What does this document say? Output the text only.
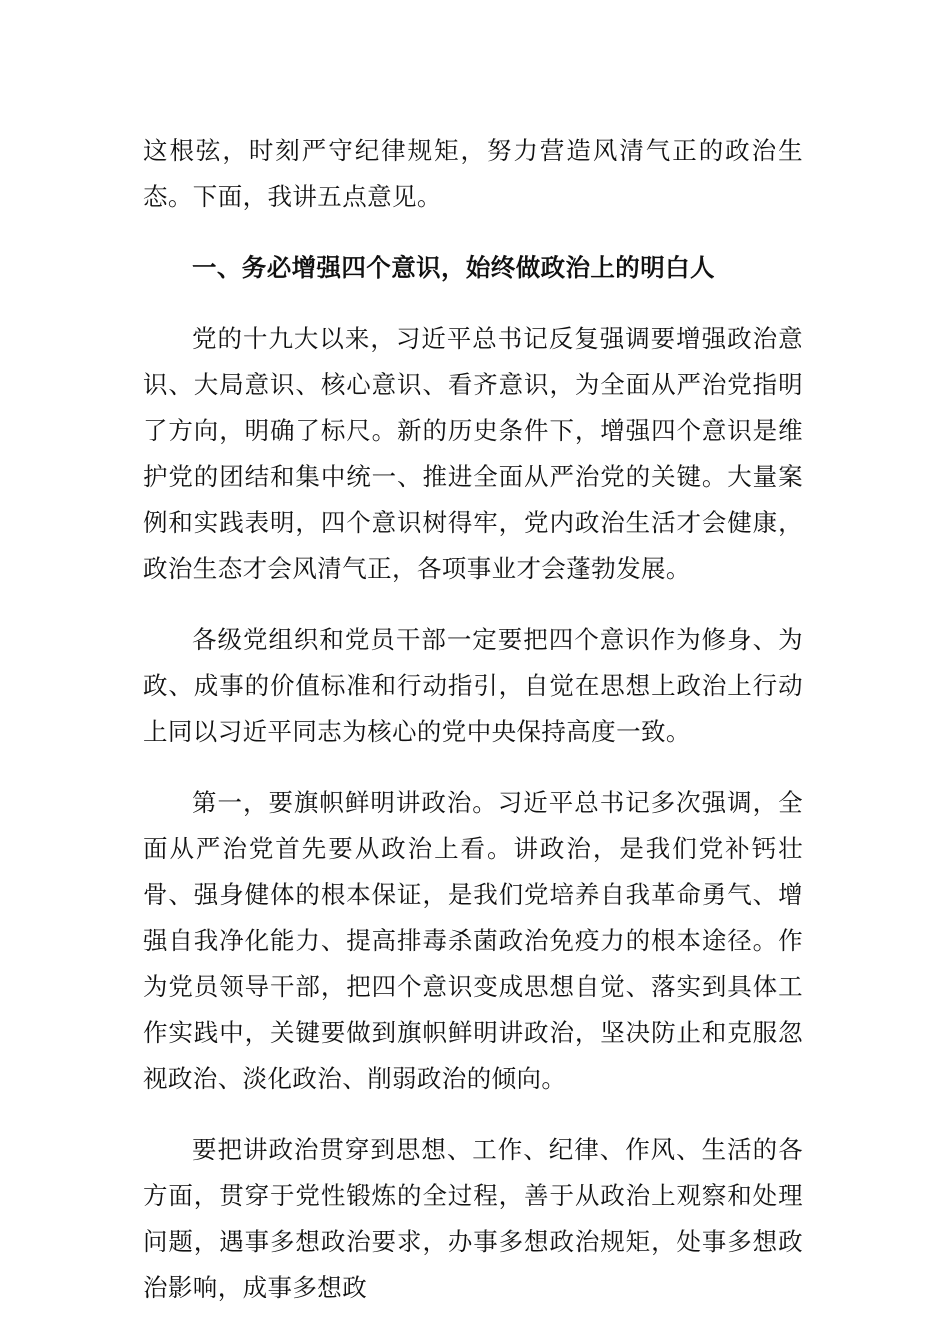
这根弦，时刻严守纪律规矩，努力营造风清气正的政治生态。下面，我讲五点意见。

一、务必增强四个意识，始终做政治上的明白人

党的十九大以来，习近平总书记反复强调要增强政治意识、大局意识、核心意识、看齐意识，为全面从严治党指明了方向，明确了标尺。新的历史条件下，增强四个意识是维护党的团结和集中统一、推进全面从严治党的关键。大量案例和实践表明，四个意识树得牢，党内政治生活才会健康，政治生态才会风清气正，各项事业才会蓬勃发展。

各级党组织和党员干部一定要把四个意识作为修身、为政、成事的价值标准和行动指引，自觉在思想上政治上行动上同以习近平同志为核心的党中央保持高度一致。

第一，要旗帜鲜明讲政治。习近平总书记多次强调，全面从严治党首先要从政治上看。讲政治，是我们党补钙壮骨、强身健体的根本保证，是我们党培养自我革命勇气、增强自我净化能力、提高排毒杀菌政治免疫力的根本途径。作为党员领导干部，把四个意识变成思想自觉、落实到具体工作实践中，关键要做到旗帜鲜明讲政治，坚决防止和克服忽视政治、淡化政治、削弱政治的倾向。

要把讲政治贯穿到思想、工作、纪律、作风、生活的各方面，贯穿于党性锻炼的全过程，善于从政治上观察和处理问题，遇事多想政治要求，办事多想政治规矩，处事多想政治影响，成事多想政
